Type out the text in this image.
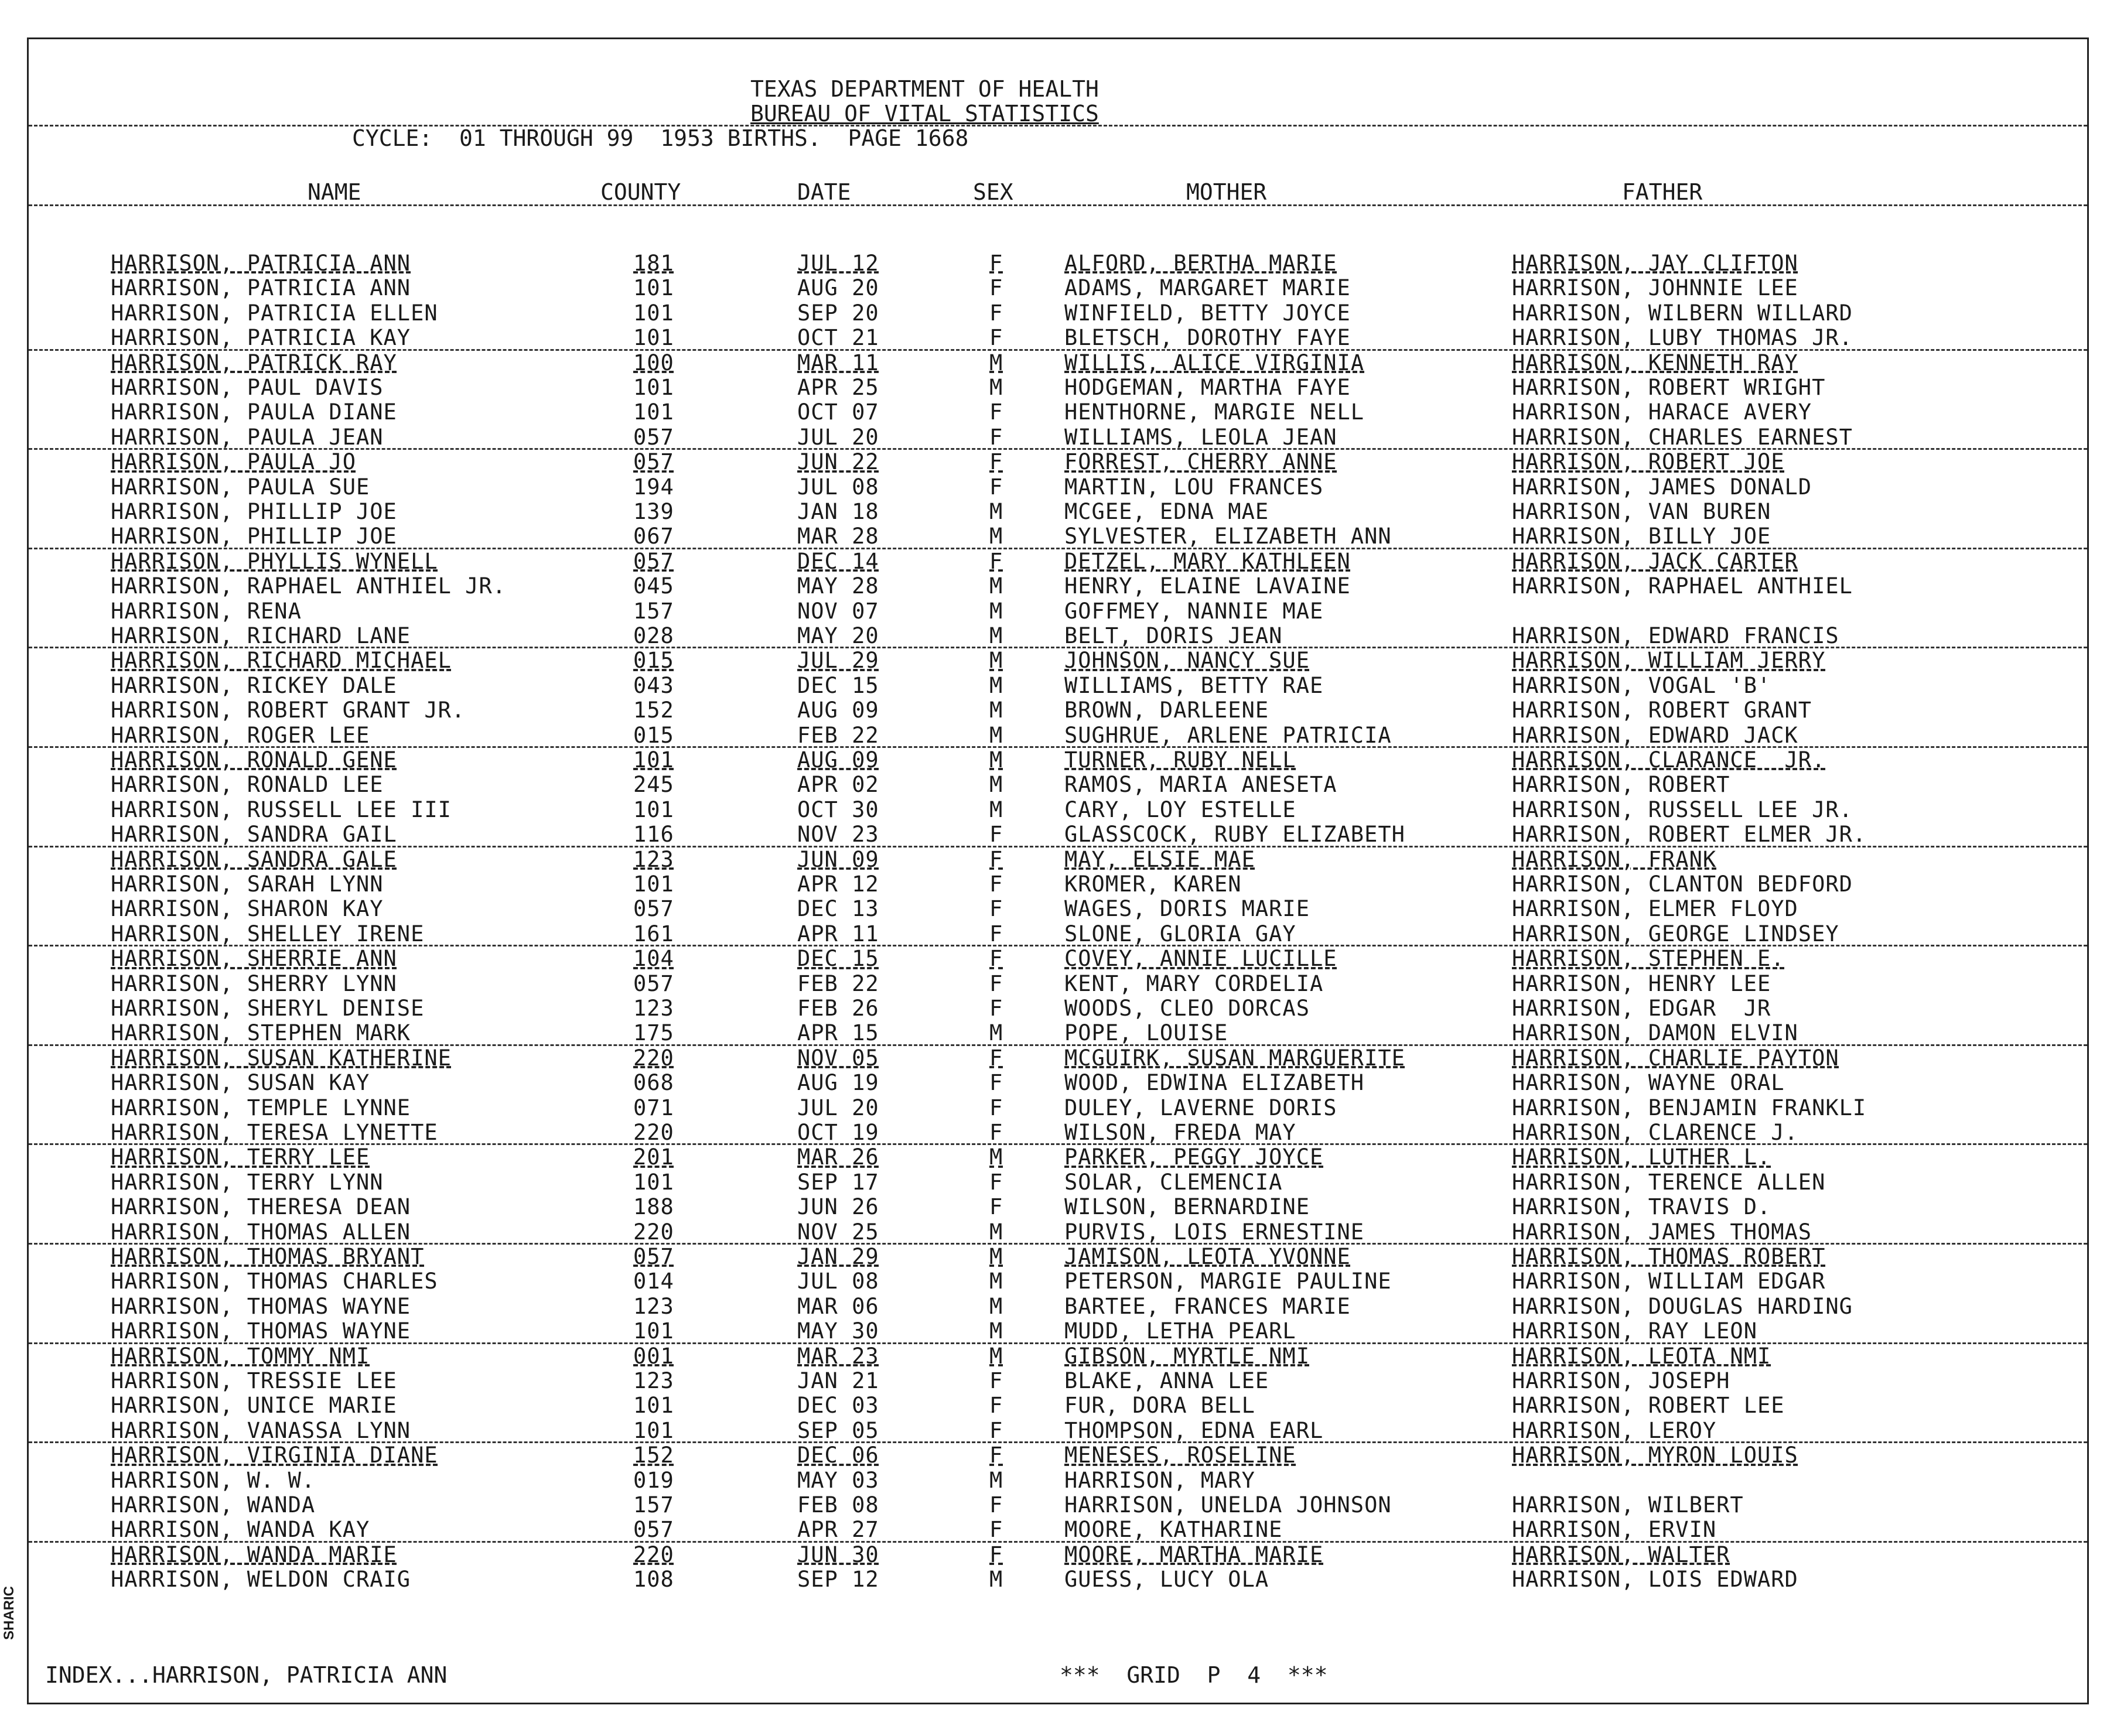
TEXAS DEPARTMENT OF HEALTH
BUREAU OF VITAL STATISTICS
CYCLE:  01 THROUGH 99  1953 BIRTHS.  PAGE 1668
NAME	COUNTY	DATE	SEX	MOTHER	FATHER
HARRISON, PATRICIA ANN	181	JUL 12	F	ALFORD, BERTHA MARIE	HARRISON, JAY CLIFTON
HARRISON, PATRICIA ANN	101	AUG 20	F	ADAMS, MARGARET MARIE	HARRISON, JOHNNIE LEE
HARRISON, PATRICIA ELLEN	101	SEP 20	F	WINFIELD, BETTY JOYCE	HARRISON, WILBERN WILLARD
HARRISON, PATRICIA KAY	101	OCT 21	F	BLETSCH, DOROTHY FAYE	HARRISON, LUBY THOMAS JR.
HARRISON, PATRICK RAY	100	MAR 11	M	WILLIS, ALICE VIRGINIA	HARRISON, KENNETH RAY
HARRISON, PAUL DAVIS	101	APR 25	M	HODGEMAN, MARTHA FAYE	HARRISON, ROBERT WRIGHT
HARRISON, PAULA DIANE	101	OCT 07	F	HENTHORNE, MARGIE NELL	HARRISON, HARACE AVERY
HARRISON, PAULA JEAN	057	JUL 20	F	WILLIAMS, LEOLA JEAN	HARRISON, CHARLES EARNEST
HARRISON, PAULA JO	057	JUN 22	F	FORREST, CHERRY ANNE	HARRISON, ROBERT JOE
HARRISON, PAULA SUE	194	JUL 08	F	MARTIN, LOU FRANCES	HARRISON, JAMES DONALD
HARRISON, PHILLIP JOE	139	JAN 18	M	MCGEE, EDNA MAE	HARRISON, VAN BUREN
HARRISON, PHILLIP JOE	067	MAR 28	M	SYLVESTER, ELIZABETH ANN	HARRISON, BILLY JOE
HARRISON, PHYLLIS WYNELL	057	DEC 14	F	DETZEL, MARY KATHLEEN	HARRISON, JACK CARTER
HARRISON, RAPHAEL ANTHIEL JR.	045	MAY 28	M	HENRY, ELAINE LAVAINE	HARRISON, RAPHAEL ANTHIEL
HARRISON, RENA	157	NOV 07	M	GOFFMEY, NANNIE MAE
HARRISON, RICHARD LANE	028	MAY 20	M	BELT, DORIS JEAN	HARRISON, EDWARD FRANCIS
HARRISON, RICHARD MICHAEL	015	JUL 29	M	JOHNSON, NANCY SUE	HARRISON, WILLIAM JERRY
HARRISON, RICKEY DALE	043	DEC 15	M	WILLIAMS, BETTY RAE	HARRISON, VOGAL 'B'
HARRISON, ROBERT GRANT JR.	152	AUG 09	M	BROWN, DARLEENE	HARRISON, ROBERT GRANT
HARRISON, ROGER LEE	015	FEB 22	M	SUGHRUE, ARLENE PATRICIA	HARRISON, EDWARD JACK
HARRISON, RONALD GENE	101	AUG 09	M	TURNER, RUBY NELL	HARRISON, CLARANCE  JR.
HARRISON, RONALD LEE	245	APR 02	M	RAMOS, MARIA ANESETA	HARRISON, ROBERT
HARRISON, RUSSELL LEE III	101	OCT 30	M	CARY, LOY ESTELLE	HARRISON, RUSSELL LEE JR.
HARRISON, SANDRA GAIL	116	NOV 23	F	GLASSCOCK, RUBY ELIZABETH	HARRISON, ROBERT ELMER JR.
HARRISON, SANDRA GALE	123	JUN 09	F	MAY, ELSIE MAE	HARRISON, FRANK
HARRISON, SARAH LYNN	101	APR 12	F	KROMER, KAREN	HARRISON, CLANTON BEDFORD
HARRISON, SHARON KAY	057	DEC 13	F	WAGES, DORIS MARIE	HARRISON, ELMER FLOYD
HARRISON, SHELLEY IRENE	161	APR 11	F	SLONE, GLORIA GAY	HARRISON, GEORGE LINDSEY
HARRISON, SHERRIE ANN	104	DEC 15	F	COVEY, ANNIE LUCILLE	HARRISON, STEPHEN E.
HARRISON, SHERRY LYNN	057	FEB 22	F	KENT, MARY CORDELIA	HARRISON, HENRY LEE
HARRISON, SHERYL DENISE	123	FEB 26	F	WOODS, CLEO DORCAS	HARRISON, EDGAR  JR
HARRISON, STEPHEN MARK	175	APR 15	M	POPE, LOUISE	HARRISON, DAMON ELVIN
HARRISON, SUSAN KATHERINE	220	NOV 05	F	MCGUIRK, SUSAN MARGUERITE	HARRISON, CHARLIE PAYTON
HARRISON, SUSAN KAY	068	AUG 19	F	WOOD, EDWINA ELIZABETH	HARRISON, WAYNE ORAL
HARRISON, TEMPLE LYNNE	071	JUL 20	F	DULEY, LAVERNE DORIS	HARRISON, BENJAMIN FRANKLI
HARRISON, TERESA LYNETTE	220	OCT 19	F	WILSON, FREDA MAY	HARRISON, CLARENCE J.
HARRISON, TERRY LEE	201	MAR 26	M	PARKER, PEGGY JOYCE	HARRISON, LUTHER L.
HARRISON, TERRY LYNN	101	SEP 17	F	SOLAR, CLEMENCIA	HARRISON, TERENCE ALLEN
HARRISON, THERESA DEAN	188	JUN 26	F	WILSON, BERNARDINE	HARRISON, TRAVIS D.
HARRISON, THOMAS ALLEN	220	NOV 25	M	PURVIS, LOIS ERNESTINE	HARRISON, JAMES THOMAS
HARRISON, THOMAS BRYANT	057	JAN 29	M	JAMISON, LEOTA YVONNE	HARRISON, THOMAS ROBERT
HARRISON, THOMAS CHARLES	014	JUL 08	M	PETERSON, MARGIE PAULINE	HARRISON, WILLIAM EDGAR
HARRISON, THOMAS WAYNE	123	MAR 06	M	BARTEE, FRANCES MARIE	HARRISON, DOUGLAS HARDING
HARRISON, THOMAS WAYNE	101	MAY 30	M	MUDD, LETHA PEARL	HARRISON, RAY LEON
HARRISON, TOMMY NMI	001	MAR 23	M	GIBSON, MYRTLE NMI	HARRISON, LEOTA NMI
HARRISON, TRESSIE LEE	123	JAN 21	F	BLAKE, ANNA LEE	HARRISON, JOSEPH
HARRISON, UNICE MARIE	101	DEC 03	F	FUR, DORA BELL	HARRISON, ROBERT LEE
HARRISON, VANASSA LYNN	101	SEP 05	F	THOMPSON, EDNA EARL	HARRISON, LEROY
HARRISON, VIRGINIA DIANE	152	DEC 06	F	MENESES, ROSELINE	HARRISON, MYRON LOUIS
HARRISON, W. W.	019	MAY 03	M	HARRISON, MARY
HARRISON, WANDA	157	FEB 08	F	HARRISON, UNELDA JOHNSON	HARRISON, WILBERT
HARRISON, WANDA KAY	057	APR 27	F	MOORE, KATHARINE	HARRISON, ERVIN
HARRISON, WANDA MARIE	220	JUN 30	F	MOORE, MARTHA MARIE	HARRISON, WALTER
HARRISON, WELDON CRAIG	108	SEP 12	M	GUESS, LUCY OLA	HARRISON, LOIS EDWARD
INDEX...HARRISON, PATRICIA ANN	***  GRID  P  4  ***
SHARIC
